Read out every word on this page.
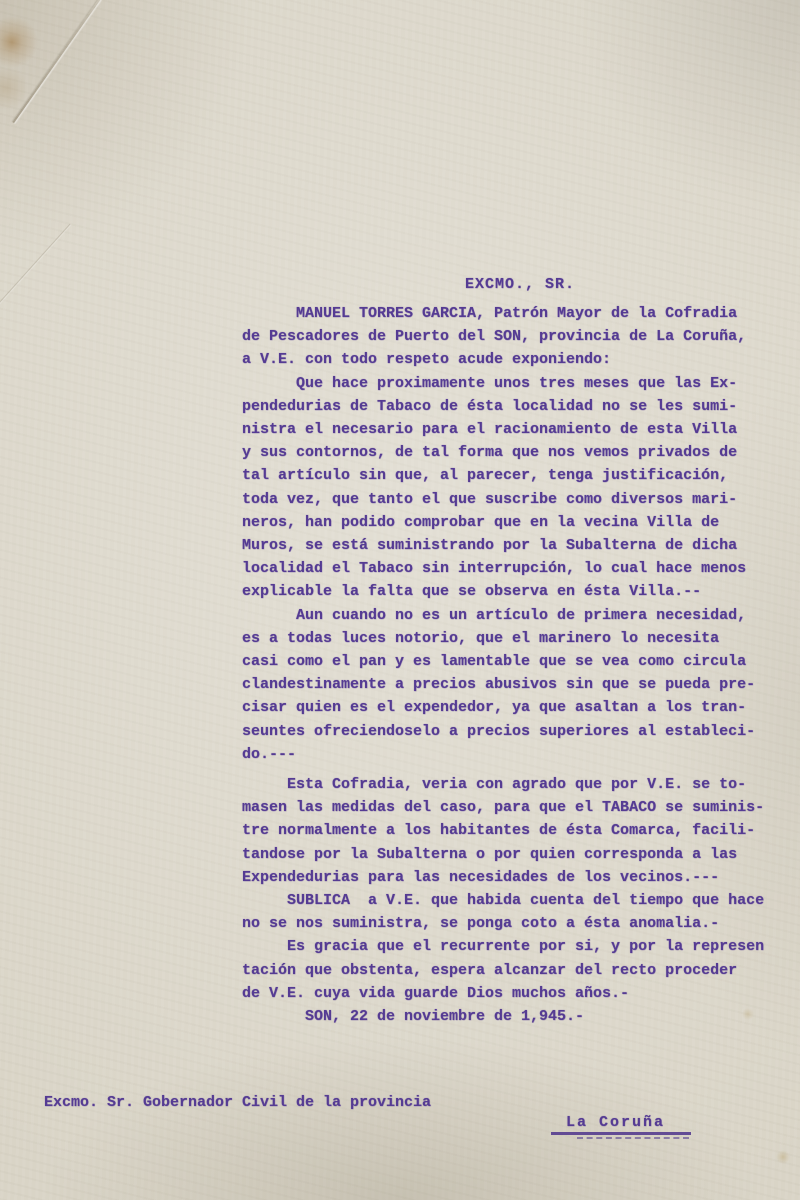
EXCMO., SR.
MANUEL TORRES GARCIA, Patrón Mayor de la Cofradia
de Pescadores de Puerto del SON, provincia de La Coruña,
a V.E. con todo respeto acude exponiendo:
Que hace proximamente unos tres meses que las Ex-
pendedurias de Tabaco de ésta localidad no se les sumi-
nistra el necesario para el racionamiento de esta Villa
y sus contornos, de tal forma que nos vemos privados de
tal artículo sin que, al parecer, tenga justificación,
toda vez, que tanto el que suscribe como diversos mari-
neros, han podido comprobar que en la vecina Villa de
Muros, se está suministrando por la Subalterna de dicha
localidad el Tabaco sin interrupción, lo cual hace menos
explicable la falta que se observa en ésta Villa.--
Aun cuando no es un artículo de primera necesidad,
es a todas luces notorio, que el marinero lo necesita
casi como el pan y es lamentable que se vea como circula
clandestinamente a precios abusivos sin que se pueda pre-
cisar quien es el expendedor, ya que asaltan a los tran-
seuntes ofreciendoselo a precios superiores al estableci-
do.---
Esta Cofradia, veria con agrado que por V.E. se to-
masen las medidas del caso, para que el TABACO se suminis-
tre normalmente a los habitantes de ésta Comarca, facili-
tandose por la Subalterna o por quien corresponda a las
Expendedurias para las necesidades de los vecinos.---
SUBLICA  a V.E. que habida cuenta del tiempo que hace
no se nos suministra, se ponga coto a ésta anomalia.-
Es gracia que el recurrente por si, y por la represen
tación que obstenta, espera alcanzar del recto proceder
de V.E. cuya vida guarde Dios muchos años.-
SON, 22 de noviembre de 1,945.-
Excmo. Sr. Gobernador Civil de la provincia
La Coruña
